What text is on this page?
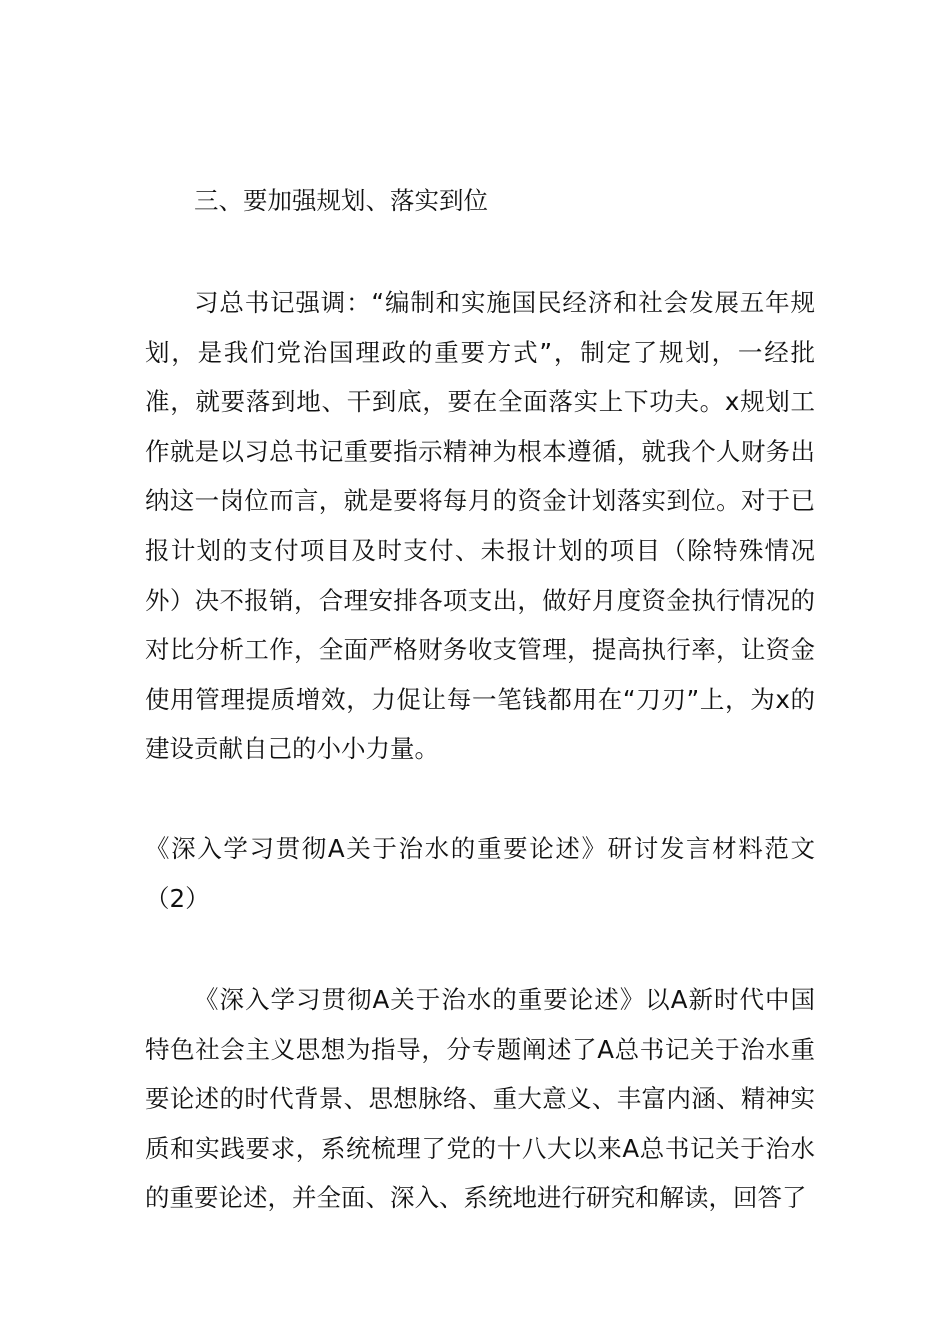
三、要加强规划、落实到位

习总书记强调：“编制和实施国民经济和社会发展五年规划，是我们党治国理政的重要方式”，制定了规划，一经批准，就要落到地、干到底，要在全面落实上下功夫。x规划工作就是以习总书记重要指示精神为根本遵循，就我个人财务出纳这一岗位而言，就是要将每月的资金计划落实到位。对于已报计划的支付项目及时支付、未报计划的项目（除特殊情况外）决不报销，合理安排各项支出，做好月度资金执行情况的对比分析工作，全面严格财务收支管理，提高执行率，让资金使用管理提质增效，力促让每一笔钱都用在“刀刃”上，为x的建设贡献自己的小小力量。

《深入学习贯彻A关于治水的重要论述》研讨发言材料范文（2）

《深入学习贯彻A关于治水的重要论述》以A新时代中国特色社会主义思想为指导，分专题阐述了A总书记关于治水重要论述的时代背景、思想脉络、重大意义、丰富内涵、精神实质和实践要求，系统梳理了党的十八大以来A总书记关于治水的重要论述，并全面、深入、系统地进行研究和解读，回答了
